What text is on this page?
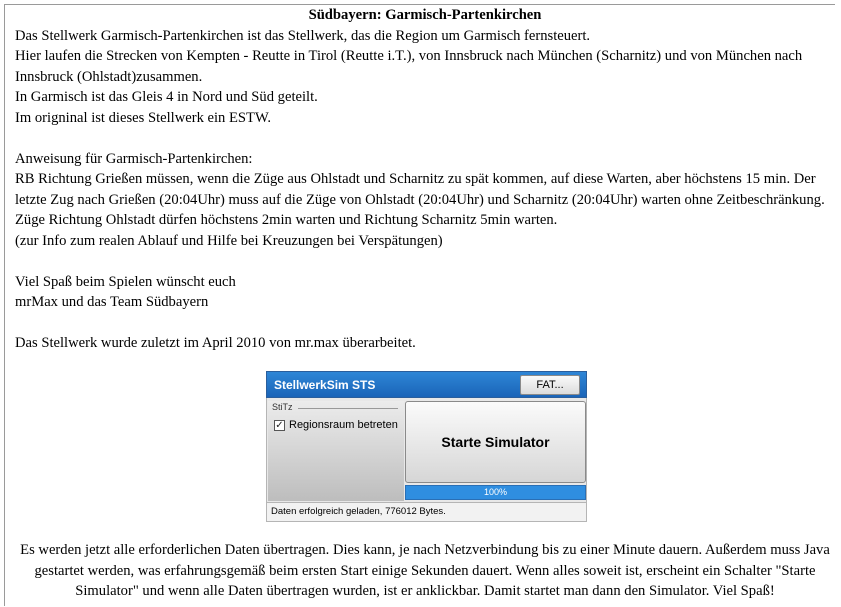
Südbayern: Garmisch-Partenkirchen

Das Stellwerk Garmisch-Partenkirchen ist das Stellwerk, das die Region um Garmisch fernsteuert.

Hier laufen die Strecken von Kempten - Reutte in Tirol (Reutte i.T.), von Innsbruck nach München (Scharnitz) und von München nach Innsbruck (Ohlstadt)zusammen.

In Garmisch ist das Gleis 4 in Nord und Süd geteilt.

Im origninal ist dieses Stellwerk ein ESTW.

Anweisung für Garmisch-Partenkirchen:

RB Richtung Grießen müssen, wenn die Züge aus Ohlstadt und Scharnitz zu spät kommen, auf diese Warten, aber höchstens 15 min. Der letzte Zug nach Grießen (20:04Uhr) muss auf die Züge von Ohlstadt (20:04Uhr) und Scharnitz (20:04Uhr) warten ohne Zeitbeschränkung.

Züge Richtung Ohlstadt dürfen höchstens 2min warten und Richtung Scharnitz 5min warten.

(zur Info zum realen Ablauf und Hilfe bei Kreuzungen bei Verspätungen)

Viel Spaß beim Spielen wünscht euch

mrMax und das Team Südbayern

Das Stellwerk wurde zuletzt im April 2010 von mr.max überarbeitet.

StellwerkSim STS	FAT...
StiTz
✓ Regionsraum betreten
Starte Simulator
100%
Daten erfolgreich geladen, 776012 Bytes.
Es werden jetzt alle erforderlichen Daten übertragen. Dies kann, je nach Netzverbindung bis zu einer Minute dauern. Außerdem muss Java gestartet werden, was erfahrungsgemäß beim ersten Start einige Sekunden dauert. Wenn alles soweit ist, erscheint ein Schalter "Starte Simulator" und wenn alle Daten übertragen wurden, ist er anklickbar. Damit startet man dann den Simulator. Viel Spaß!
